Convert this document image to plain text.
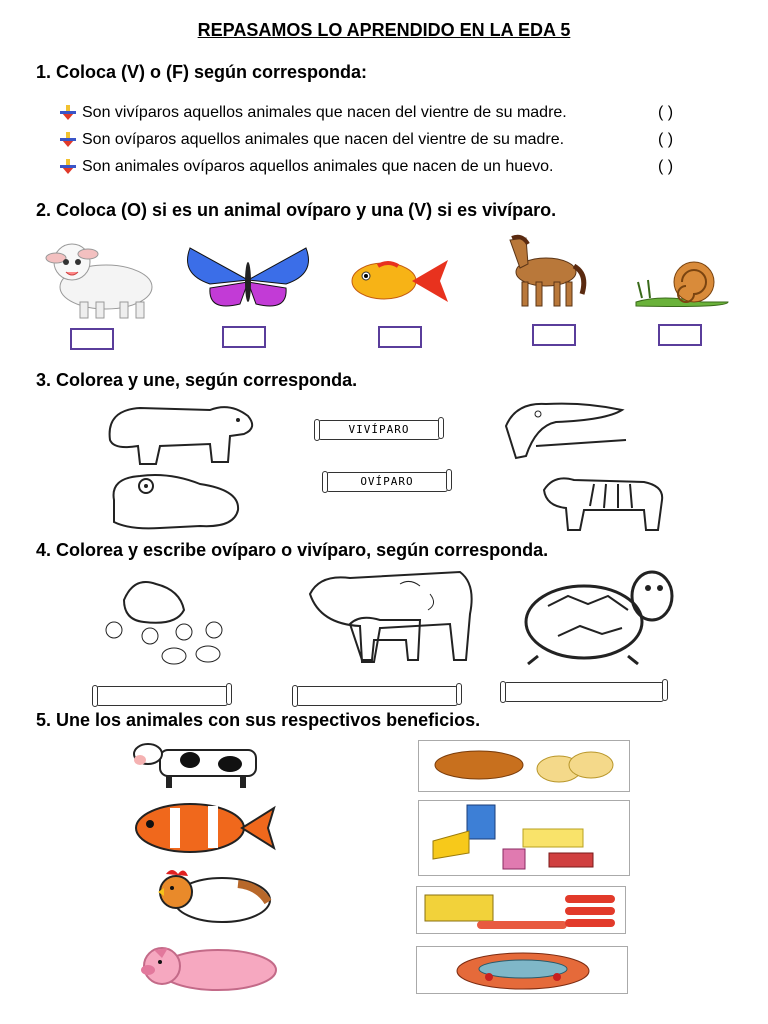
REPASAMOS LO APRENDIDO EN LA EDA 5
1. Coloca (V) o (F) según corresponda:
Son vivíparos aquellos animales que nacen del vientre de su madre.	( )
Son ovíparos aquellos animales que nacen del vientre de su madre.	( )
Son animales ovíparos aquellos animales que nacen de un huevo.	( )
2. Coloca (O) si es un animal ovíparo y una (V) si es vivíparo.
3. Colorea y une, según corresponda.
VIVÍPARO
OVÍPARO
4. Colorea y escribe ovíparo o vivíparo, según corresponda.
5. Une los animales con sus respectivos beneficios.
